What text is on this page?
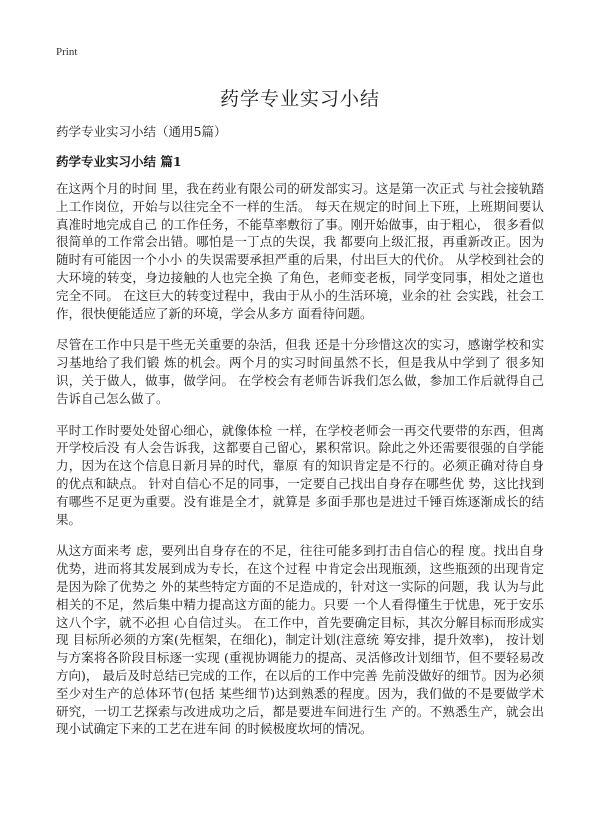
Print
药学专业实习小结
药学专业实习小结（通用5篇）
药学专业实习小结 篇1

在这两个月的时间 里，我在药业有限公司的研发部实习。这是第一次正式 与社会接轨踏上工作岗位，开始与以往完全不一样的生活。 每天在规定的时间上下班，上班期间要认真准时地完成自己 的工作任务，不能草率敷衍了事。刚开始做事，由于粗心， 很多看似很简单的工作常会出错。哪怕是一丁点的失误，我 都要向上级汇报，再重新改正。因为随时有可能因一个小小 的失误需要承担严重的后果，付出巨大的代价。 从学校到社会的大环境的转变，身边接触的人也完全换 了角色，老师变老板，同学变同事，相处之道也完全不同。 在这巨大的转变过程中，我由于从小的生活环境，业余的社 会实践，社会工作，很快便能适应了新的环境，学会从多方 面看待问题。

尽管在工作中只是干些无关重要的杂活，但我 还是十分珍惜这次的实习，感谢学校和实习基地给了我们锻 炼的机会。两个月的实习时间虽然不长，但是我从中学到了 很多知识，关于做人，做事，做学问。 在学校会有老师告诉我们怎么做，参加工作后就得自己 告诉自己怎么做了。

平时工作时要处处留心细心，就像体检 一样，在学校老师会一再交代要带的东西，但离开学校后没 有人会告诉我，这都要自己留心，累积常识。除此之外还需要很强的自学能力，因为在这个信息日新月异的时代，靠原 有的知识肯定是不行的。必须正确对待自身的优点和缺点。 针对自信心不足的同事，一定要自己找出自身存在哪些优 势，这比找到有哪些不足更为重要。没有谁是全才，就算是 多面手那也是进过千锤百炼逐渐成长的结果。

从这方面来考 虑，要列出自身存在的不足，往往可能多到打击自信心的程 度。找出自身优势，进而将其发展到成为专长，在这个过程 中肯定会出现瓶颈，这些瓶颈的出现肯定是因为除了优势之 外的某些特定方面的不足造成的，针对这一实际的问题，我 认为与此相关的不足，然后集中精力提高这方面的能力。只要 一个人看得懂生于忧患，死于安乐这八个字，就不必担 心自信过头。 在工作中，首先要确定目标，其次分解目标而形成实现 目标所必须的方案(先框架，在细化)，制定计划(注意统 筹安排，提升效率)， 按计划与方案将各阶段目标逐一实现 (重视协调能力的提高、灵活修改计划细节，但不要轻易改 方向)， 最后及时总结已完成的工作，在以后的工作中完善 先前没做好的细节。因为必须至少对生产的总体环节(包括 某些细节)达到熟悉的程度。因为，我们做的不是要做学术 研究，一切工艺探索与改进成功之后，都是要进车间进行生 产的。不熟悉生产，就会出现小试确定下来的工艺在进车间 的时候极度坎坷的情况。
